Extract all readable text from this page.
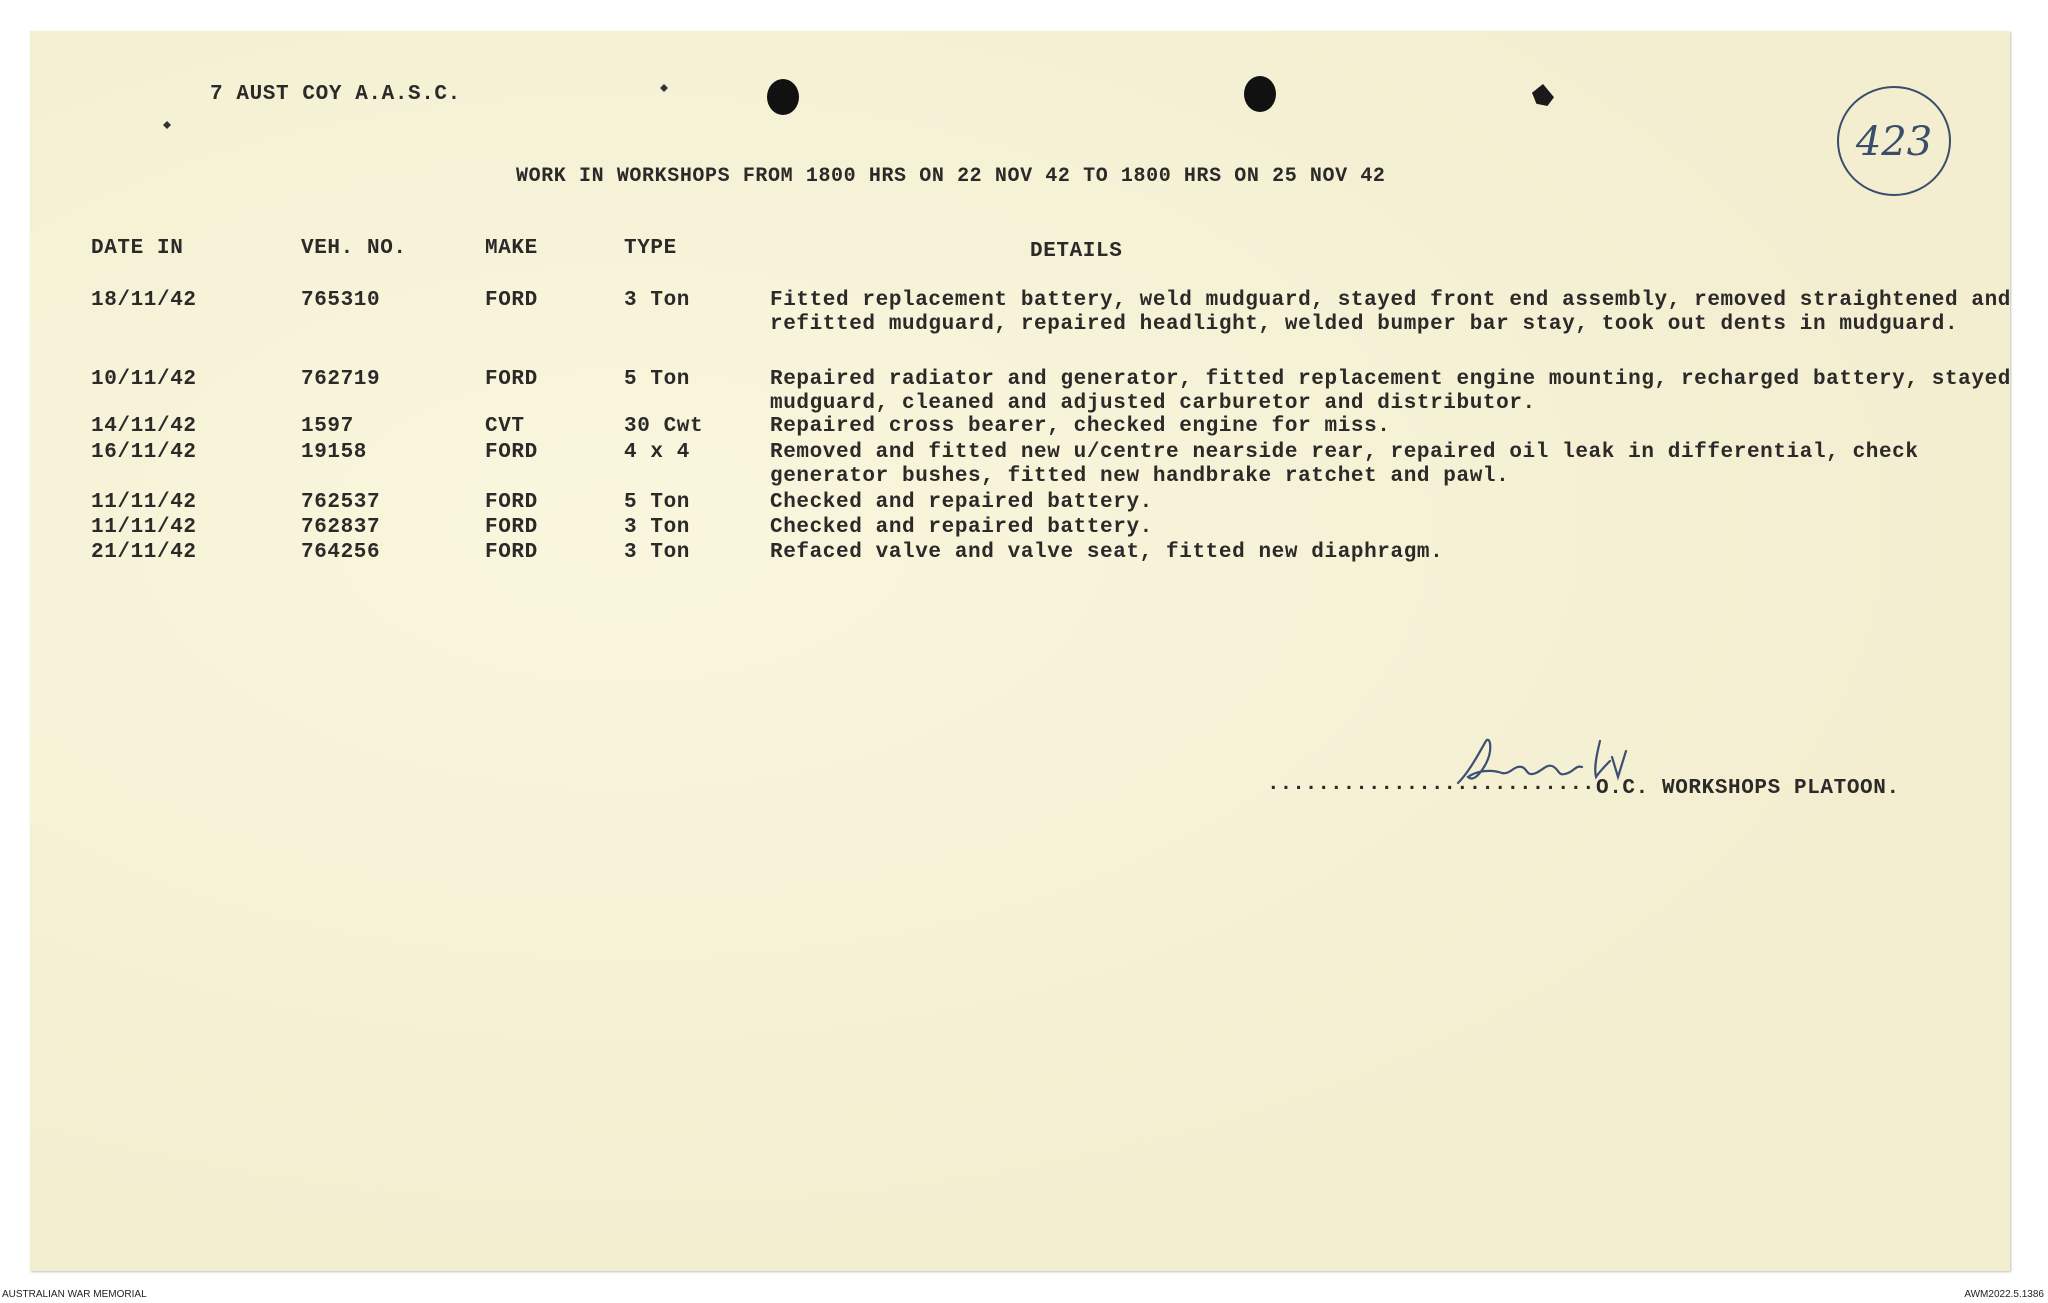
423
7 AUST COY A.A.S.C.
WORK IN WORKSHOPS FROM 1800 HRS ON 22 NOV 42 TO 1800 HRS ON 25 NOV 42
DATE IN	VEH. NO.	MAKE	TYPE	DETAILS
18/11/42	765310	FORD	3 Ton	Fitted replacement battery, weld mudguard, stayed front end assembly, removed straightened and refitted mudguard, repaired headlight, welded bumper bar stay, took out dents in mudguard.
10/11/42	762719	FORD	5 Ton	Repaired radiator and generator, fitted replacement engine mounting, recharged battery, stayed mudguard, cleaned and adjusted carburetor and distributor.
14/11/42	1597	CVT	30 Cwt	Repaired cross bearer, checked engine for miss.
16/11/42	19158	FORD	4 x 4	Removed and fitted new u/centre nearside rear, repaired oil leak in differential, check generator bushes, fitted new handbrake ratchet and pawl.
11/11/42	762537	FORD	5 Ton	Checked and repaired battery.
11/11/42	762837	FORD	3 Ton	Checked and repaired battery.
21/11/42	764256	FORD	3 Ton	Refaced valve and valve seat, fitted new diaphragm.
.......................... O.C. WORKSHOPS PLATOON.
AUSTRALIAN WAR MEMORIAL	AWM2022.5.1386
